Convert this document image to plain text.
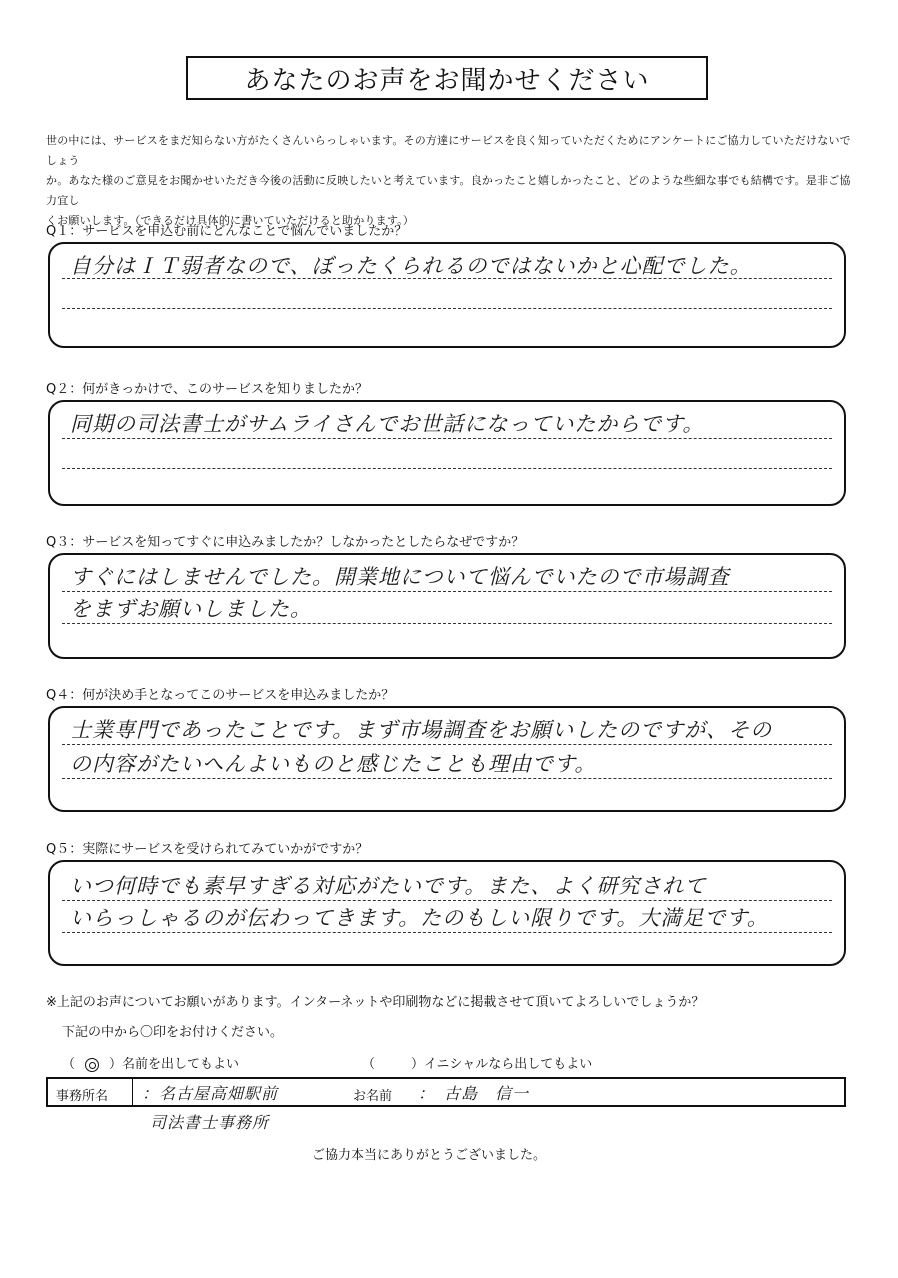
あなたのお声をお聞かせください
世の中には、サービスをまだ知らない方がたくさんいらっしゃいます。その方達にサービスを良く知っていただくためにアンケートにご協力していただけないでしょう
か。あなた様のご意見をお聞かせいただき今後の活動に反映したいと考えています。良かったこと嬉しかったこと、どのような些細な事でも結構です。是非ご協力宜し
くお願いします。（できるだけ具体的に書いていただけると助かります。）
Q１：サービスを申込む前にどんなことで悩んでいましたか？
自分はＩＴ弱者なので、ぼったくられるのではないかと心配でした。
Q２：何がきっかけで、このサービスを知りましたか？
同期の司法書士がサムライさんでお世話になっていたからです。
Q３：サービスを知ってすぐに申込みましたか？しなかったとしたらなぜですか？
すぐにはしませんでした。開業地について悩んでいたので市場調査
をまずお願いしました。
Q４：何が決め手となってこのサービスを申込みましたか？
士業専門であったことです。まず市場調査をお願いしたのですが、その
の内容がたいへんよいものと感じたことも理由です。
Q５：実際にサービスを受けられてみていかがですか？
いつ何時でも素早すぎる対応がたいです。また、よく研究されて
いらっしゃるのが伝わってきます。たのもしい限りです。大満足です。
※上記のお声についてお願いがあります。インターネットや印刷物などに掲載させて頂いてよろしいでしょうか？
下記の中から〇印をお付けください。
（ ○ ）名前を出してもよい	（	）イニシャルなら出してもよい
事務所名 ：名古屋高畑駅前	お名前 ：　古島　信一
司法書士事務所
ご協力本当にありがとうございました。
